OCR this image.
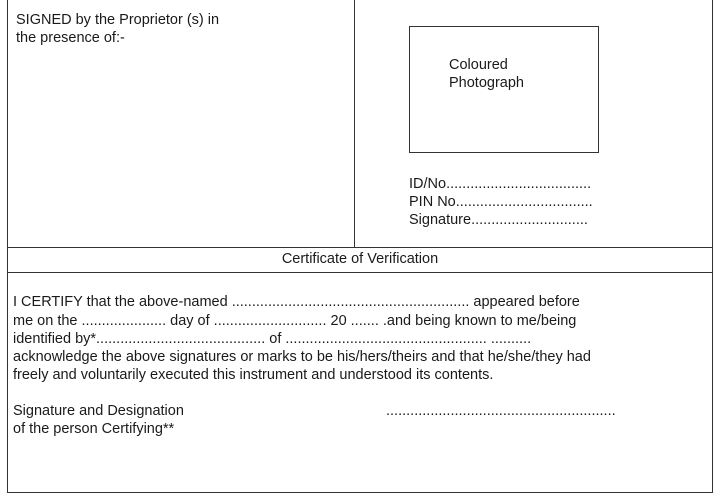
SIGNED by the Proprietor (s) in
the presence of:-
Coloured
Photograph
ID/No....................................
PIN No..................................
Signature.............................
Certificate of Verification
I CERTIFY that the above-named ........................................................... appeared before
me on the ..................... day of ............................ 20 ....... .and being known to me/being
identified by*.......................................... of .................................................. ..........
acknowledge the above signatures or marks to be his/hers/theirs and that he/she/they had
freely and voluntarily executed this instrument and understood its contents.
Signature and Designation
of the person Certifying**
.........................................................
